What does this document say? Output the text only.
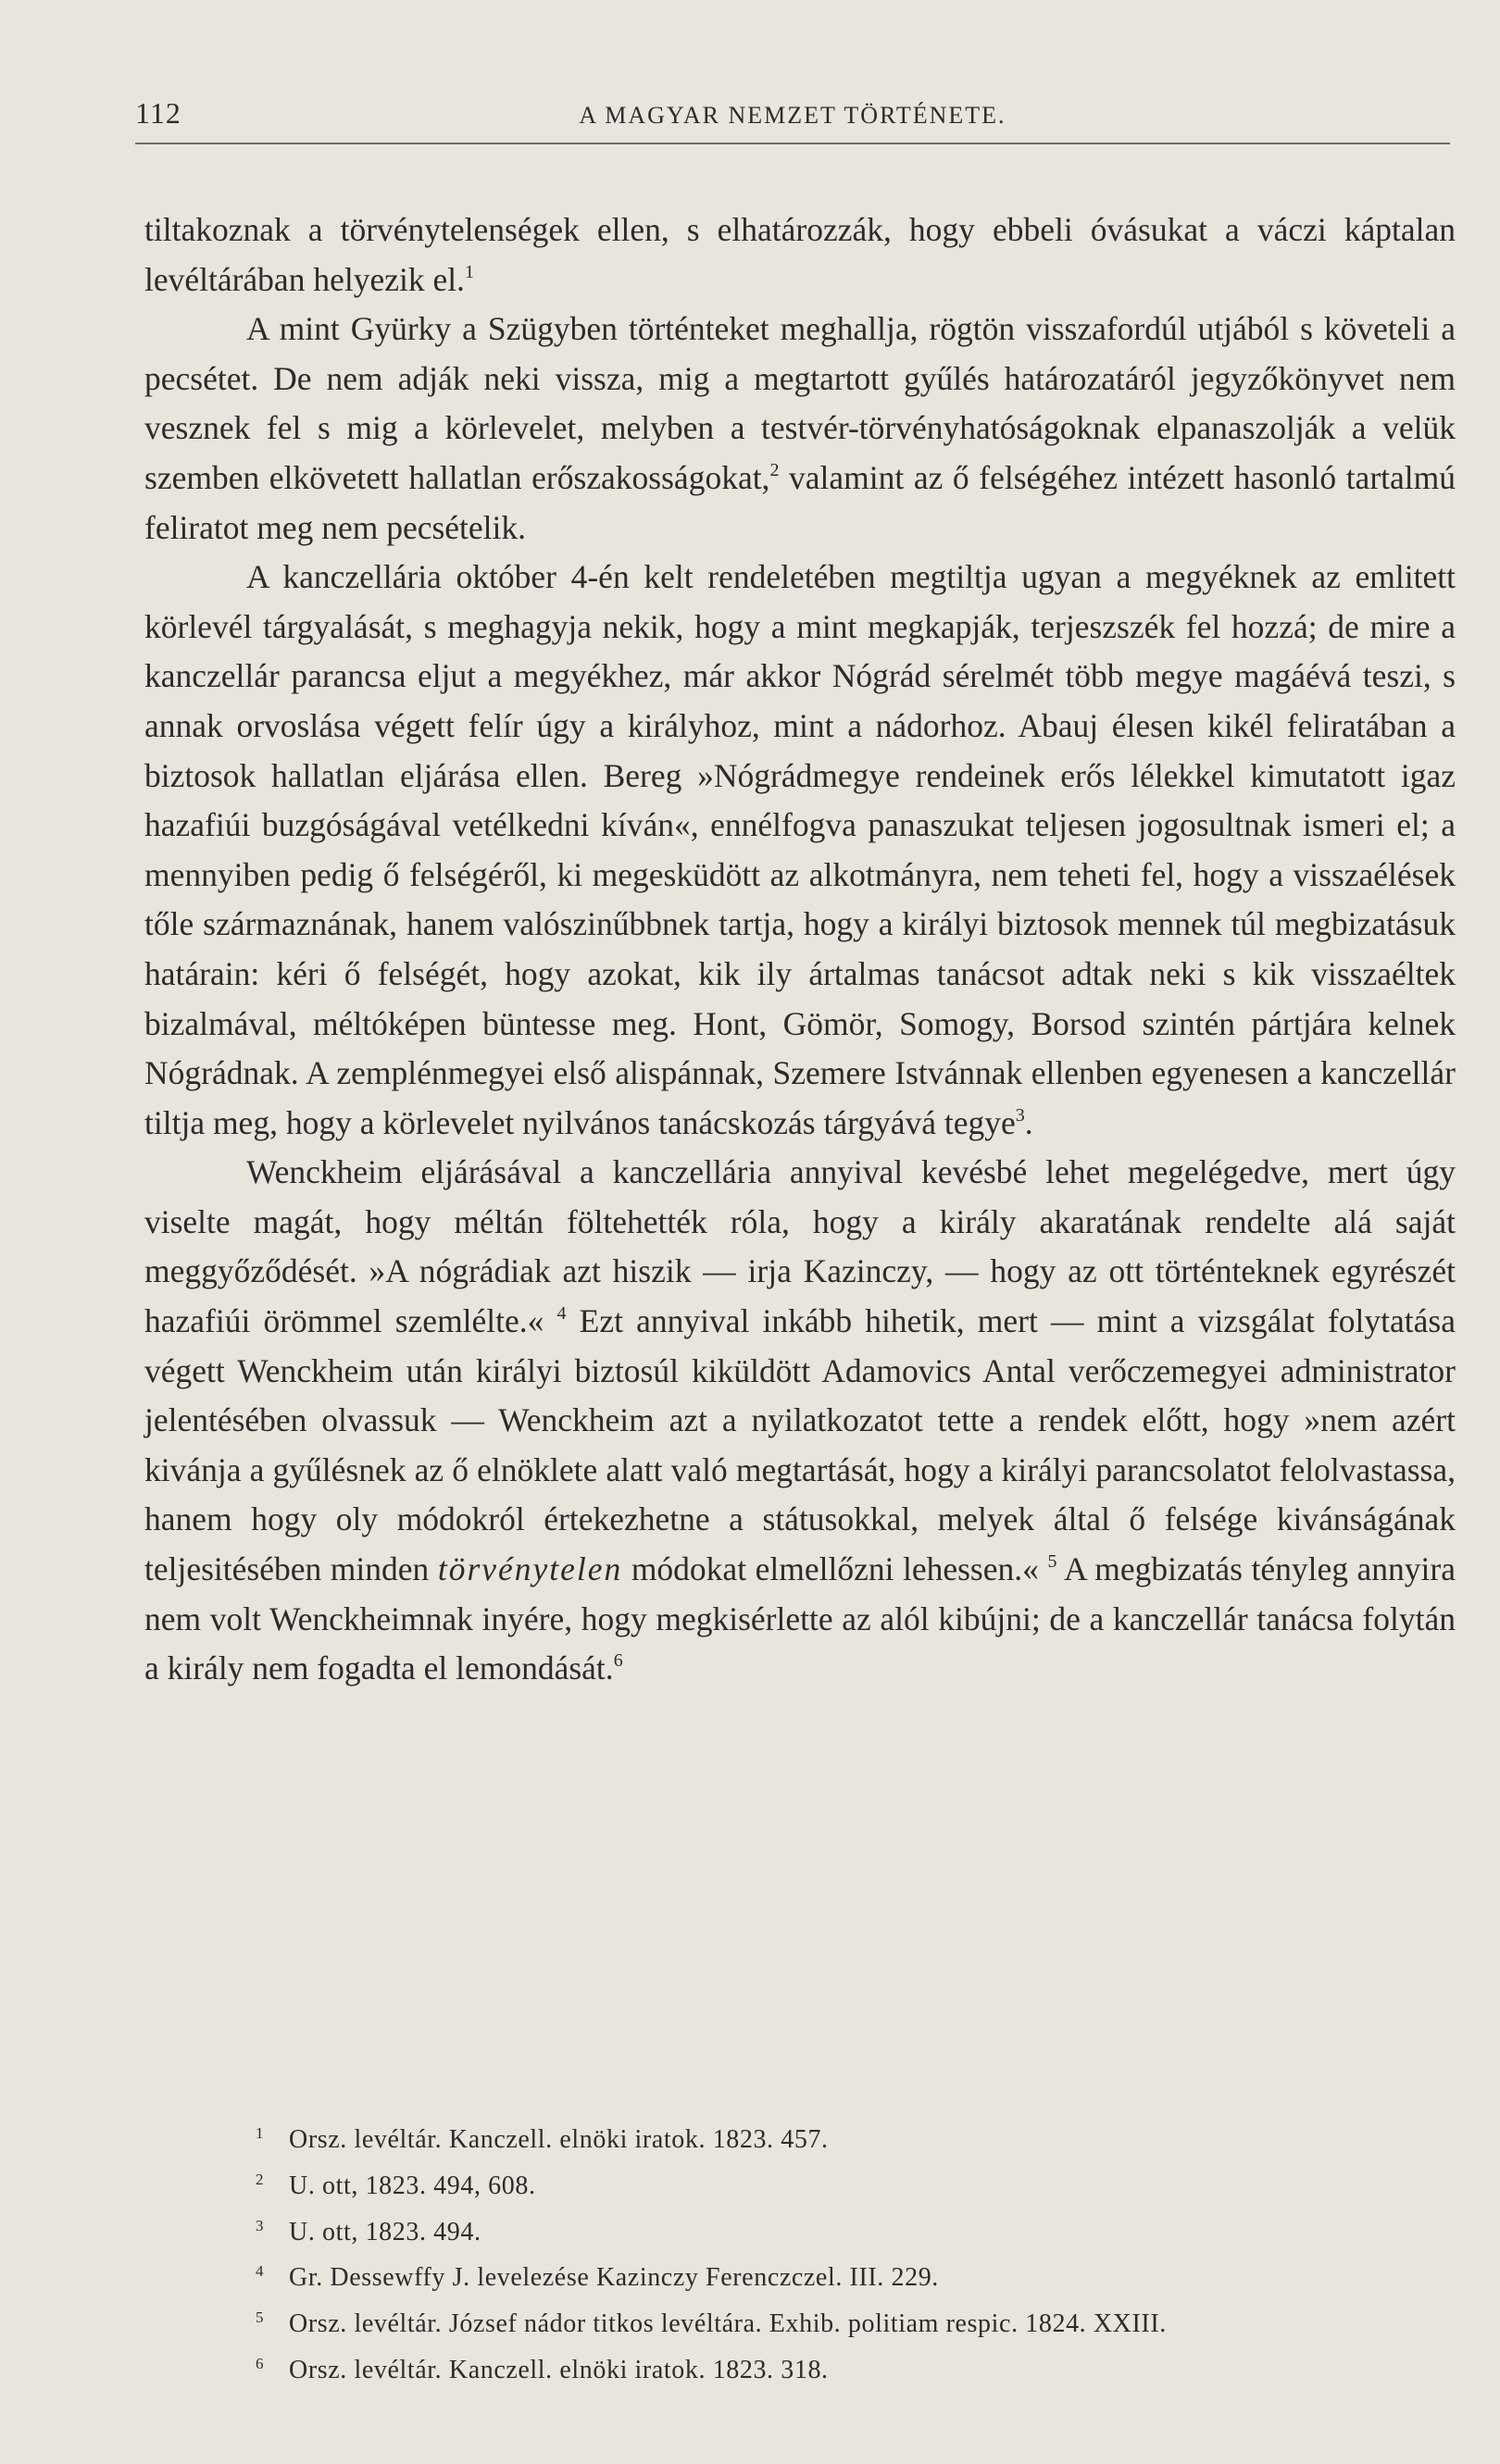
112	A MAGYAR NEMZET TÖRTÉNETE.

tiltakoznak a törvénytelenségek ellen, s elhatározzák, hogy ebbeli óvásukat a váczi káptalan levéltárában helyezik el.$^1$

A mint Gyürky a Szügyben történteket meghallja, rögtön visszafordúl utjából s követeli a pecsétet. De nem adják neki vissza, mig a megtartott gyűlés határozatáról jegyzőkönyvet nem vesznek fel s mig a körlevelet, melyben a testvér-törvényhatóságoknak elpanaszolják a velük szemben elkövetett hallatlan erőszakosságokat,$^2$ valamint az ő felségéhez intézett hasonló tartalmú feliratot meg nem pecsételik.

A kanczellária október 4-én kelt rendeletében megtiltja ugyan a megyéknek az emlitett körlevél tárgyalását, s meghagyja nekik, hogy a mint megkapják, terjeszszék fel hozzá; de mire a kanczellár parancsa eljut a megyékhez, már akkor Nógrád sérelmét több megye magáévá teszi, s annak orvoslása végett felír úgy a királyhoz, mint a nádorhoz. Abauj élesen kikél feliratában a biztosok hallatlan eljárása ellen. Bereg »Nógrádmegye rendeinek erős lélekkel kimutatott igaz hazafiúi buzgóságával vetélkedni kíván«, ennélfogva panaszukat teljesen jogosultnak ismeri el; a mennyiben pedig ő felségéről, ki megesküdött az alkotmányra, nem teheti fel, hogy a visszaélések tőle származnának, hanem valószinűbbnek tartja, hogy a királyi biztosok mennek túl megbizatásuk határain: kéri ő felségét, hogy azokat, kik ily ártalmas tanácsot adtak neki s kik visszaéltek bizalmával, méltóképen büntesse meg. Hont, Gömör, Somogy, Borsod szintén pártjára kelnek Nógrádnak. A zemplénmegyei első alispánnak, Szemere Istvánnak ellenben egyenesen a kanczellár tiltja meg, hogy a körlevelet nyilvános tanácskozás tárgyává tegye$^3$.

Wenckheim eljárásával a kanczellária annyival kevésbé lehet megelégedve, mert úgy viselte magát, hogy méltán föltehették róla, hogy a király akaratának rendelte alá saját meggyőződését. »A nógrádiak azt hiszik — irja Kazinczy, — hogy az ott történteknek egyrészét hazafiúi örömmel szemlélte.« $^4$ Ezt annyival inkább hihetik, mert — mint a vizsgálat folytatása végett Wenckheim után királyi biztosúl kiküldött Adamovics Antal verőczemegyei administrator jelentésében olvassuk — Wenckheim azt a nyilatkozatot tette a rendek előtt, hogy »nem azért kivánja a gyűlésnek az ő elnöklete alatt való megtartását, hogy a királyi parancsolatot felolvastassa, hanem hogy oly módokról értekezhetne a státusokkal, melyek által ő felsége kivánságának teljesitésében minden törvénytelen módokat elmellőzni lehessen.« $^5$ A megbizatás tényleg annyira nem volt Wenckheimnak inyére, hogy megkisérlette az alól kibújni; de a kanczellár tanácsa folytán a király nem fogadta el lemondását.$^6$

1 Orsz. levéltár. Kanczell. elnöki iratok. 1823. 457.
2 U. ott, 1823. 494, 608.
3 U. ott, 1823. 494.
4 Gr. Dessewffy J. levelezése Kazinczy Ferenczczel. III. 229.
5 Orsz. levéltár. József nádor titkos levéltára. Exhib. politiam respic. 1824. XXIII.
6 Orsz. levéltár. Kanczell. elnöki iratok. 1823. 318.
